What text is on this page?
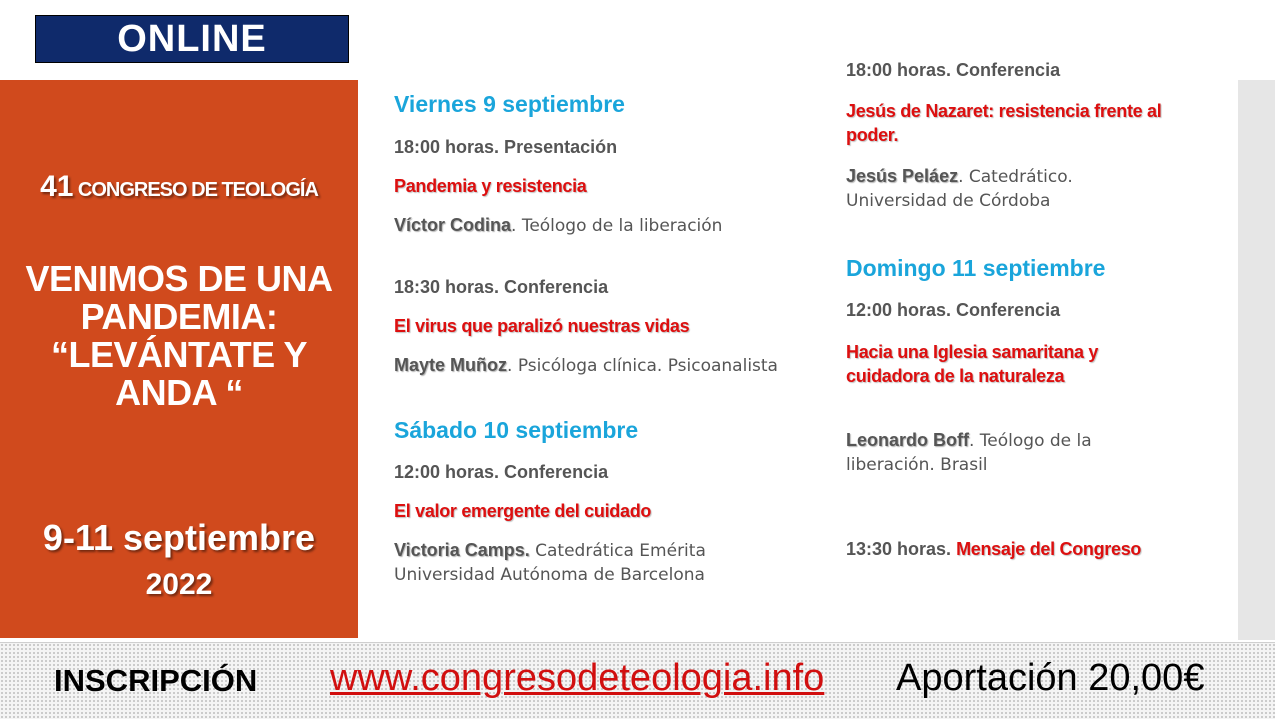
ONLINE
41 CONGRESO DE TEOLOGÍA
VENIMOS DE UNA PANDEMIA: “LEVÁNTATE Y ANDA “
9-11 septiembre
2022
Viernes 9 septiembre
18:00 horas. Presentación
Pandemia y resistencia
Víctor Codina. Teólogo de la liberación
18:30 horas. Conferencia
El virus que paralizó nuestras vidas
Mayte Muñoz. Psicóloga clínica. Psicoanalista
Sábado 10 septiembre
12:00 horas. Conferencia
El valor emergente del cuidado
Victoria Camps. Catedrática Emérita Universidad Autónoma de Barcelona
18:00 horas. Conferencia
Jesús de Nazaret: resistencia frente al poder.
Jesús Peláez. Catedrático. Universidad de Córdoba
Domingo 11 septiembre
12:00 horas. Conferencia
Hacia una Iglesia samaritana y cuidadora de la naturaleza
Leonardo Boff. Teólogo de la liberación. Brasil
13:30 horas. Mensaje del Congreso
INSCRIPCIÓN www.congresodeteologia.info Aportación 20,00€
